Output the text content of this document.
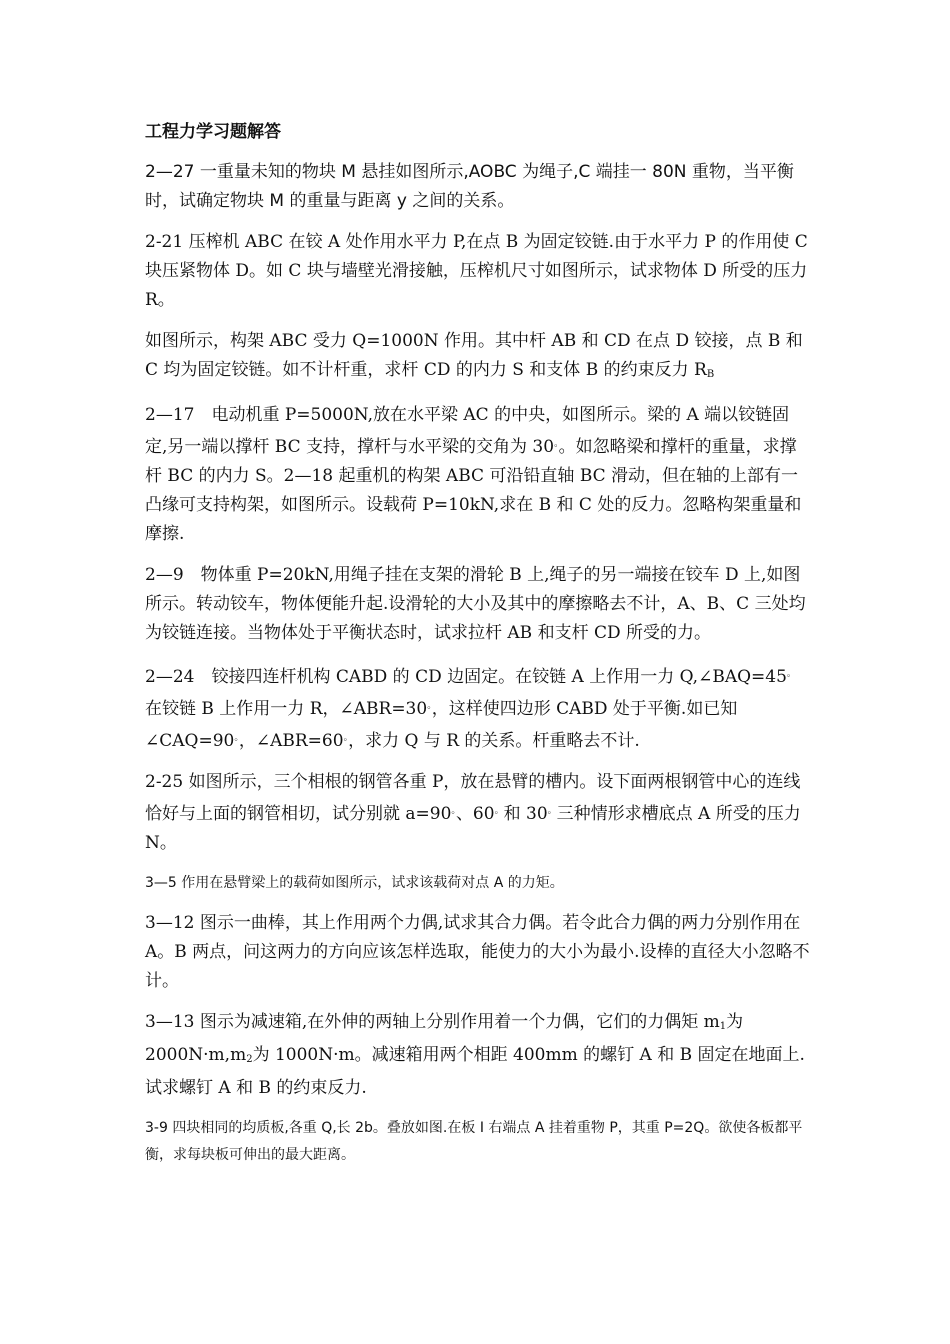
工程力学习题解答

2—27 一重量未知的物块 M 悬挂如图所示,AOBC 为绳子,C 端挂一 80N 重物，当平衡时，试确定物块 M 的重量与距离 y 之间的关系。

2-21 压榨机 ABC 在铰 A 处作用水平力 P,在点 B 为固定铰链.由于水平力 P 的作用使 C 块压紧物体 D。如 C 块与墙壁光滑接触，压榨机尺寸如图所示，试求物体 D 所受的压力 R。

如图所示，构架 ABC 受力 Q=1000N 作用。其中杆 AB 和 CD 在点 D 铰接，点 B 和 C 均为固定铰链。如不计杆重，求杆 CD 的内力 S 和支体 B 的约束反力 $R_B$

2—17　电动机重 P=5000N,放在水平梁 AC 的中央，如图所示。梁的 A 端以铰链固定,另一端以撑杆 BC 支持，撑杆与水平梁的交角为 30。。如忽略梁和撑杆的重量，求撑杆 BC 的内力 S。2—18 起重机的构架 ABC 可沿铅直轴 BC 滑动，但在轴的上部有一凸缘可支持构架，如图所示。设载荷 P=10kN,求在 B 和 C 处的反力。忽略构架重量和摩擦.

2—9　物体重 P=20kN,用绳子挂在支架的滑轮 B 上,绳子的另一端接在铰车 D 上,如图所示。转动铰车，物体便能升起.设滑轮的大小及其中的摩擦略去不计，A、B、C 三处均为铰链连接。当物体处于平衡状态时，试求拉杆 AB 和支杆 CD 所受的力。

2—24　铰接四连杆机构 CABD 的 CD 边固定。在铰链 A 上作用一力 Q,∠BAQ=45。在铰链 B 上作用一力 R，∠ABR=30。，这样使四边形 CABD 处于平衡.如已知∠CAQ=90。，∠ABR=60。，求力 Q 与 R 的关系。杆重略去不计.

2-25 如图所示，三个相根的钢管各重 P，放在悬臂的槽内。设下面两根钢管中心的连线恰好与上面的钢管相切，试分别就 a=90。、60。和 30。三种情形求槽底点 A 所受的压力 N。

3—5 作用在悬臂梁上的载荷如图所示，试求该载荷对点 A 的力矩。

3—12 图示一曲棒，其上作用两个力偶,试求其合力偶。若令此合力偶的两力分别作用在 A。B 两点，问这两力的方向应该怎样选取，能使力的大小为最小.设棒的直径大小忽略不计。

3—13 图示为减速箱,在外伸的两轴上分别作用着一个力偶，它们的力偶矩 $m_1$为 $2000N\cdot m,m_2$为 1000N·m。减速箱用两个相距 400mm 的螺钉 A 和 B 固定在地面上.试求螺钉 A 和 B 的约束反力.

3-9 四块相同的均质板,各重 Q,长 2b。叠放如图.在板 I 右端点 A 挂着重物 P，其重 P=2Q。欲使各板都平衡，求每块板可伸出的最大距离。
